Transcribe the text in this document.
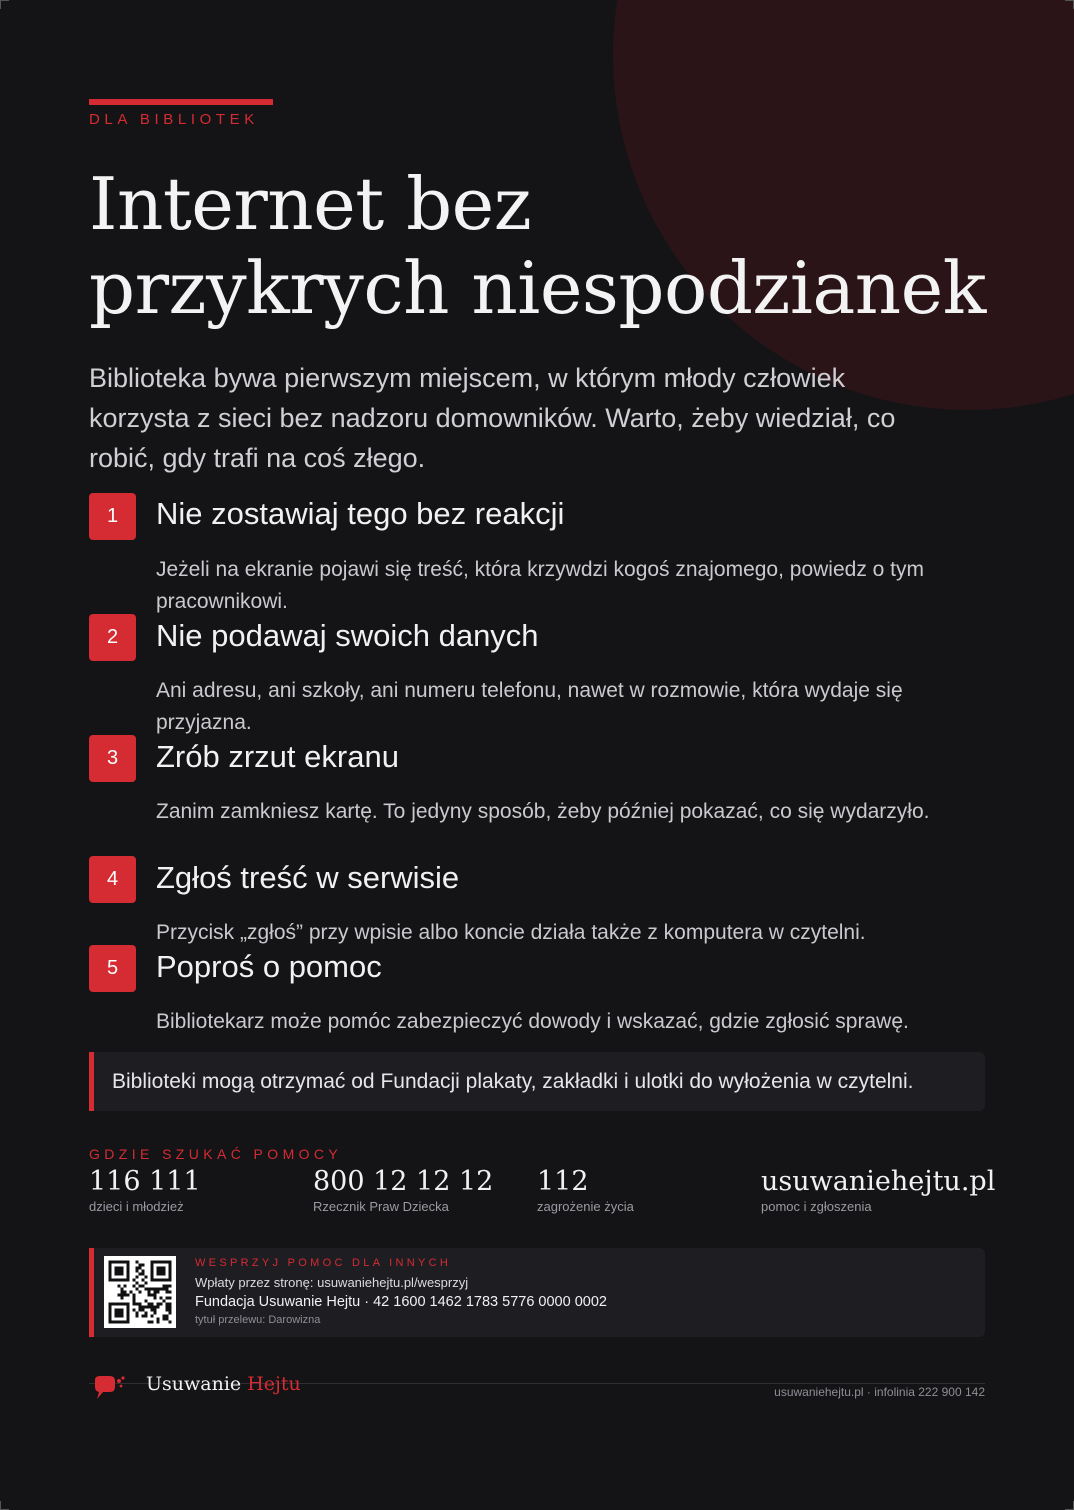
DLA BIBLIOTEK
Internet bez
przykrych niespodzianek
Biblioteka bywa pierwszym miejscem, w którym młody człowiek korzysta z sieci bez nadzoru domowników. Warto, żeby wiedział, co robić, gdy trafi na coś złego.
1	Nie zostawiaj tego bez reakcji
Jeżeli na ekranie pojawi się treść, która krzywdzi kogoś znajomego, powiedz o tym pracownikowi.
2	Nie podawaj swoich danych
Ani adresu, ani szkoły, ani numeru telefonu, nawet w rozmowie, która wydaje się przyjazna.
3	Zrób zrzut ekranu
Zanim zamkniesz kartę. To jedyny sposób, żeby później pokazać, co się wydarzyło.
4	Zgłoś treść w serwisie
Przycisk „zgłoś” przy wpisie albo koncie działa także z komputera w czytelni.
5	Poproś o pomoc
Bibliotekarz może pomóc zabezpieczyć dowody i wskazać, gdzie zgłosić sprawę.
Biblioteki mogą otrzymać od Fundacji plakaty, zakładki i ulotki do wyłożenia w czytelni.
GDZIE SZUKAĆ POMOCY
116 111
dzieci i młodzież
800 12 12 12
Rzecznik Praw Dziecka
112
zagrożenie życia
usuwaniehejtu.pl
pomoc i zgłoszenia
WESPRZYJ POMOC DLA INNYCH
Wpłaty przez stronę: usuwaniehejtu.pl/wesprzyj
Fundacja Usuwanie Hejtu · 42 1600 1462 1783 5776 0000 0002
tytuł przelewu: Darowizna
Usuwanie Hejtu	usuwaniehejtu.pl · infolinia 222 900 142
